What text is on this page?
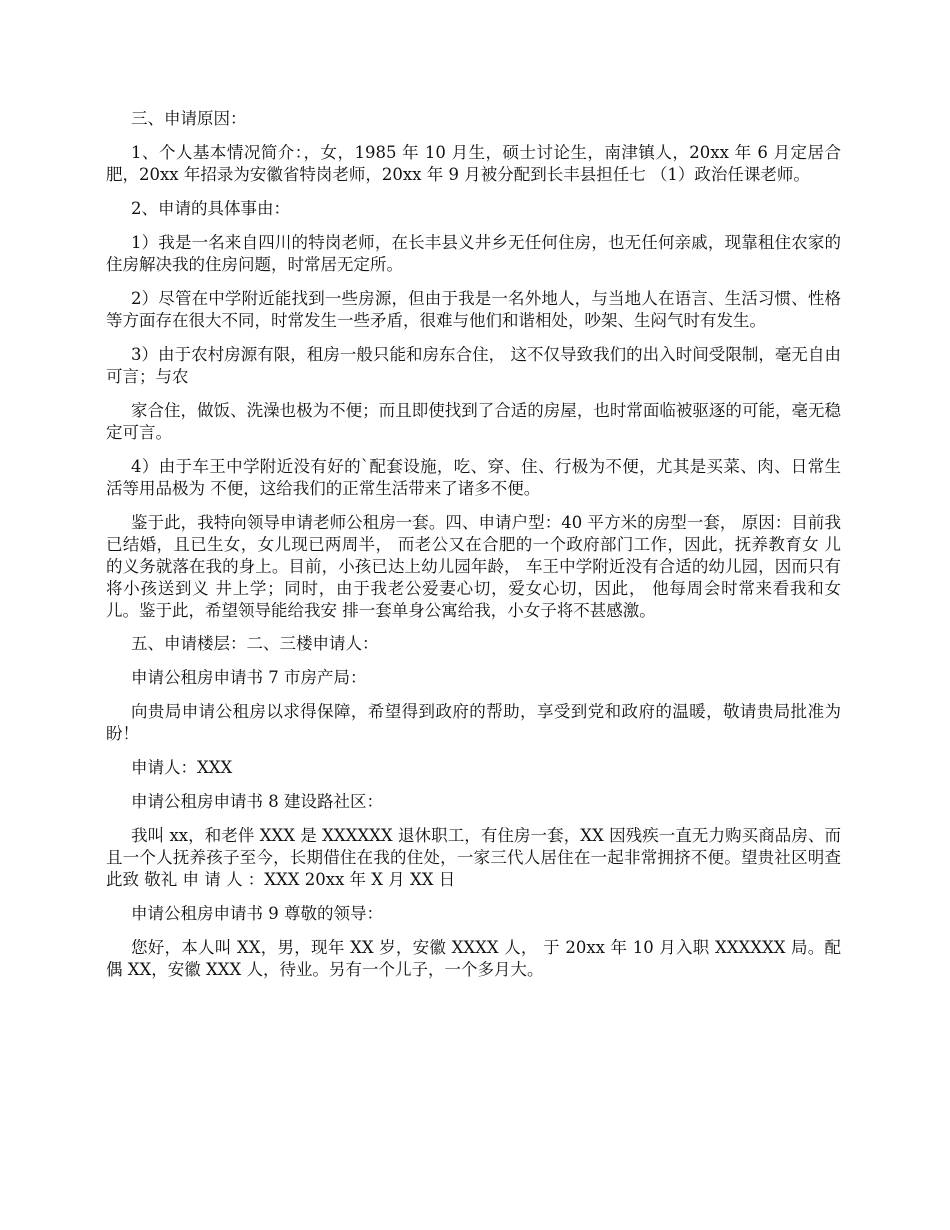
三、申请原因：

1、个人基本情况简介：，女，1985 年 10 月生，硕士讨论生，南津镇人，20xx 年 6 月定居合肥，20xx 年招录为安徽省特岗老师，20xx 年 9 月被分配到长丰县担任七 （1）政治任课老师。

2、申请的具体事由：

1）我是一名来自四川的特岗老师，在长丰县义井乡无任何住房，也无任何亲戚，现靠租住农家的住房解决我的住房问题，时常居无定所。

2）尽管在中学附近能找到一些房源，但由于我是一名外地人，与当地人在语言、生活习惯、性格等方面存在很大不同，时常发生一些矛盾，很难与他们和谐相处，吵架、生闷气时有发生。

3）由于农村房源有限，租房一般只能和房东合住， 这不仅导致我们的出入时间受限制，毫无自由可言；与农

家合住，做饭、洗澡也极为不便；而且即使找到了合适的房屋，也时常面临被驱逐的可能，毫无稳定可言。

4）由于车王中学附近没有好的`配套设施，吃、穿、住、行极为不便，尤其是买菜、肉、日常生活等用品极为 不便，这给我们的正常生活带来了诸多不便。

鉴于此，我特向领导申请老师公租房一套。四、申请户型：40 平方米的房型一套， 原因：目前我已结婚，且已生女，女儿现已两周半， 而老公又在合肥的一个政府部门工作，因此，抚养教育女 儿的义务就落在我的身上。目前，小孩已达上幼儿园年龄， 车王中学附近没有合适的幼儿园，因而只有将小孩送到义 井上学；同时，由于我老公爱妻心切，爱女心切，因此， 他每周会时常来看我和女儿。鉴于此，希望领导能给我安 排一套单身公寓给我，小女子将不甚感激。

五、申请楼层：二、三楼申请人：

申请公租房申请书 7 市房产局：

向贵局申请公租房以求得保障，希望得到政府的帮助，享受到党和政府的温暖，敬请贵局批准为盼！

申请人：XXX

申请公租房申请书 8 建设路社区：

我叫 xx，和老伴 XXX 是 XXXXXX 退休职工，有住房一套，XX 因残疾一直无力购买商品房、而且一个人抚养孩子至今，长期借住在我的住处，一家三代人居住在一起非常拥挤不便。望贵社区明查 此致 敬礼 申 请 人 ：XXX 20xx 年 X 月 XX 日

申请公租房申请书 9 尊敬的领导：

您好，本人叫 XX，男，现年 XX 岁，安徽 XXXX 人， 于 20xx 年 10 月入职 XXXXXX 局。配偶 XX，安徽 XXX 人，待业。另有一个儿子，一个多月大。
